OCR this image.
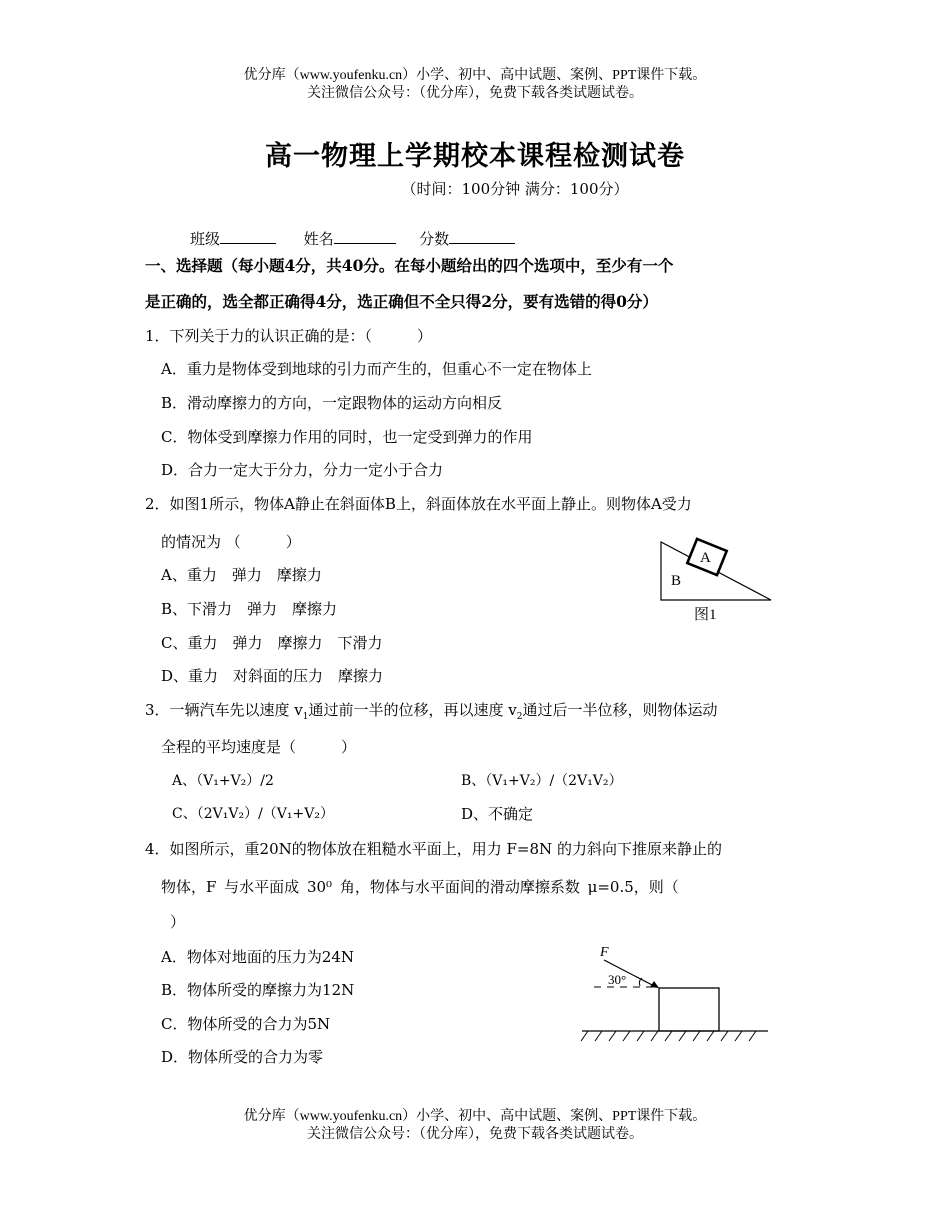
优分库（www.youfenku.cn）小学、初中、高中试题、案例、PPT课件下载。
关注微信公众号：（优分库），免费下载各类试题试卷。
高一物理上学期校本课程检测试卷
（时间：100分钟 满分：100分）
班级	姓名	分数
一、选择题（每小题4分，共40分。在每小题给出的四个选项中，至少有一个
是正确的，选全都正确得4分，选正确但不全只得2分，要有选错的得0分）
1．下列关于力的认识正确的是：（　　　）
A．重力是物体受到地球的引力而产生的，但重心不一定在物体上
B．滑动摩擦力的方向，一定跟物体的运动方向相反
C．物体受到摩擦力作用的同时，也一定受到弹力的作用
D．合力一定大于分力，分力一定小于合力
2．如图1所示，物体A静止在斜面体B上，斜面体放在水平面上静止。则物体A受力
的情况为 （　　　）
A、重力　弹力　摩擦力
B、下滑力　弹力　摩擦力
C、重力　弹力　摩擦力　下滑力
D、重力　对斜面的压力　摩擦力
A
B
图1
3．一辆汽车先以速度 $v_1$通过前一半的位移，再以速度 $v_2$通过后一半位移，则物体运动
全程的平均速度是（　　　）
A、（V₁+V₂）/2	B、（V₁+V₂）/（2V₁V₂）
C、（2V₁V₂）/（V₁+V₂）	D、不确定
4．如图所示，重20N的物体放在粗糙水平面上，用力 F=8N 的力斜向下推原来静止的
物体，F 与水平面成 30⁰ 角，物体与水平面间的滑动摩擦系数 μ=0.5，则（
）
A．物体对地面的压力为24N
B．物体所受的摩擦力为12N
C．物体所受的合力为5N
D．物体所受的合力为零
F
30°
优分库（www.youfenku.cn）小学、初中、高中试题、案例、PPT课件下载。
关注微信公众号：（优分库），免费下载各类试题试卷。
